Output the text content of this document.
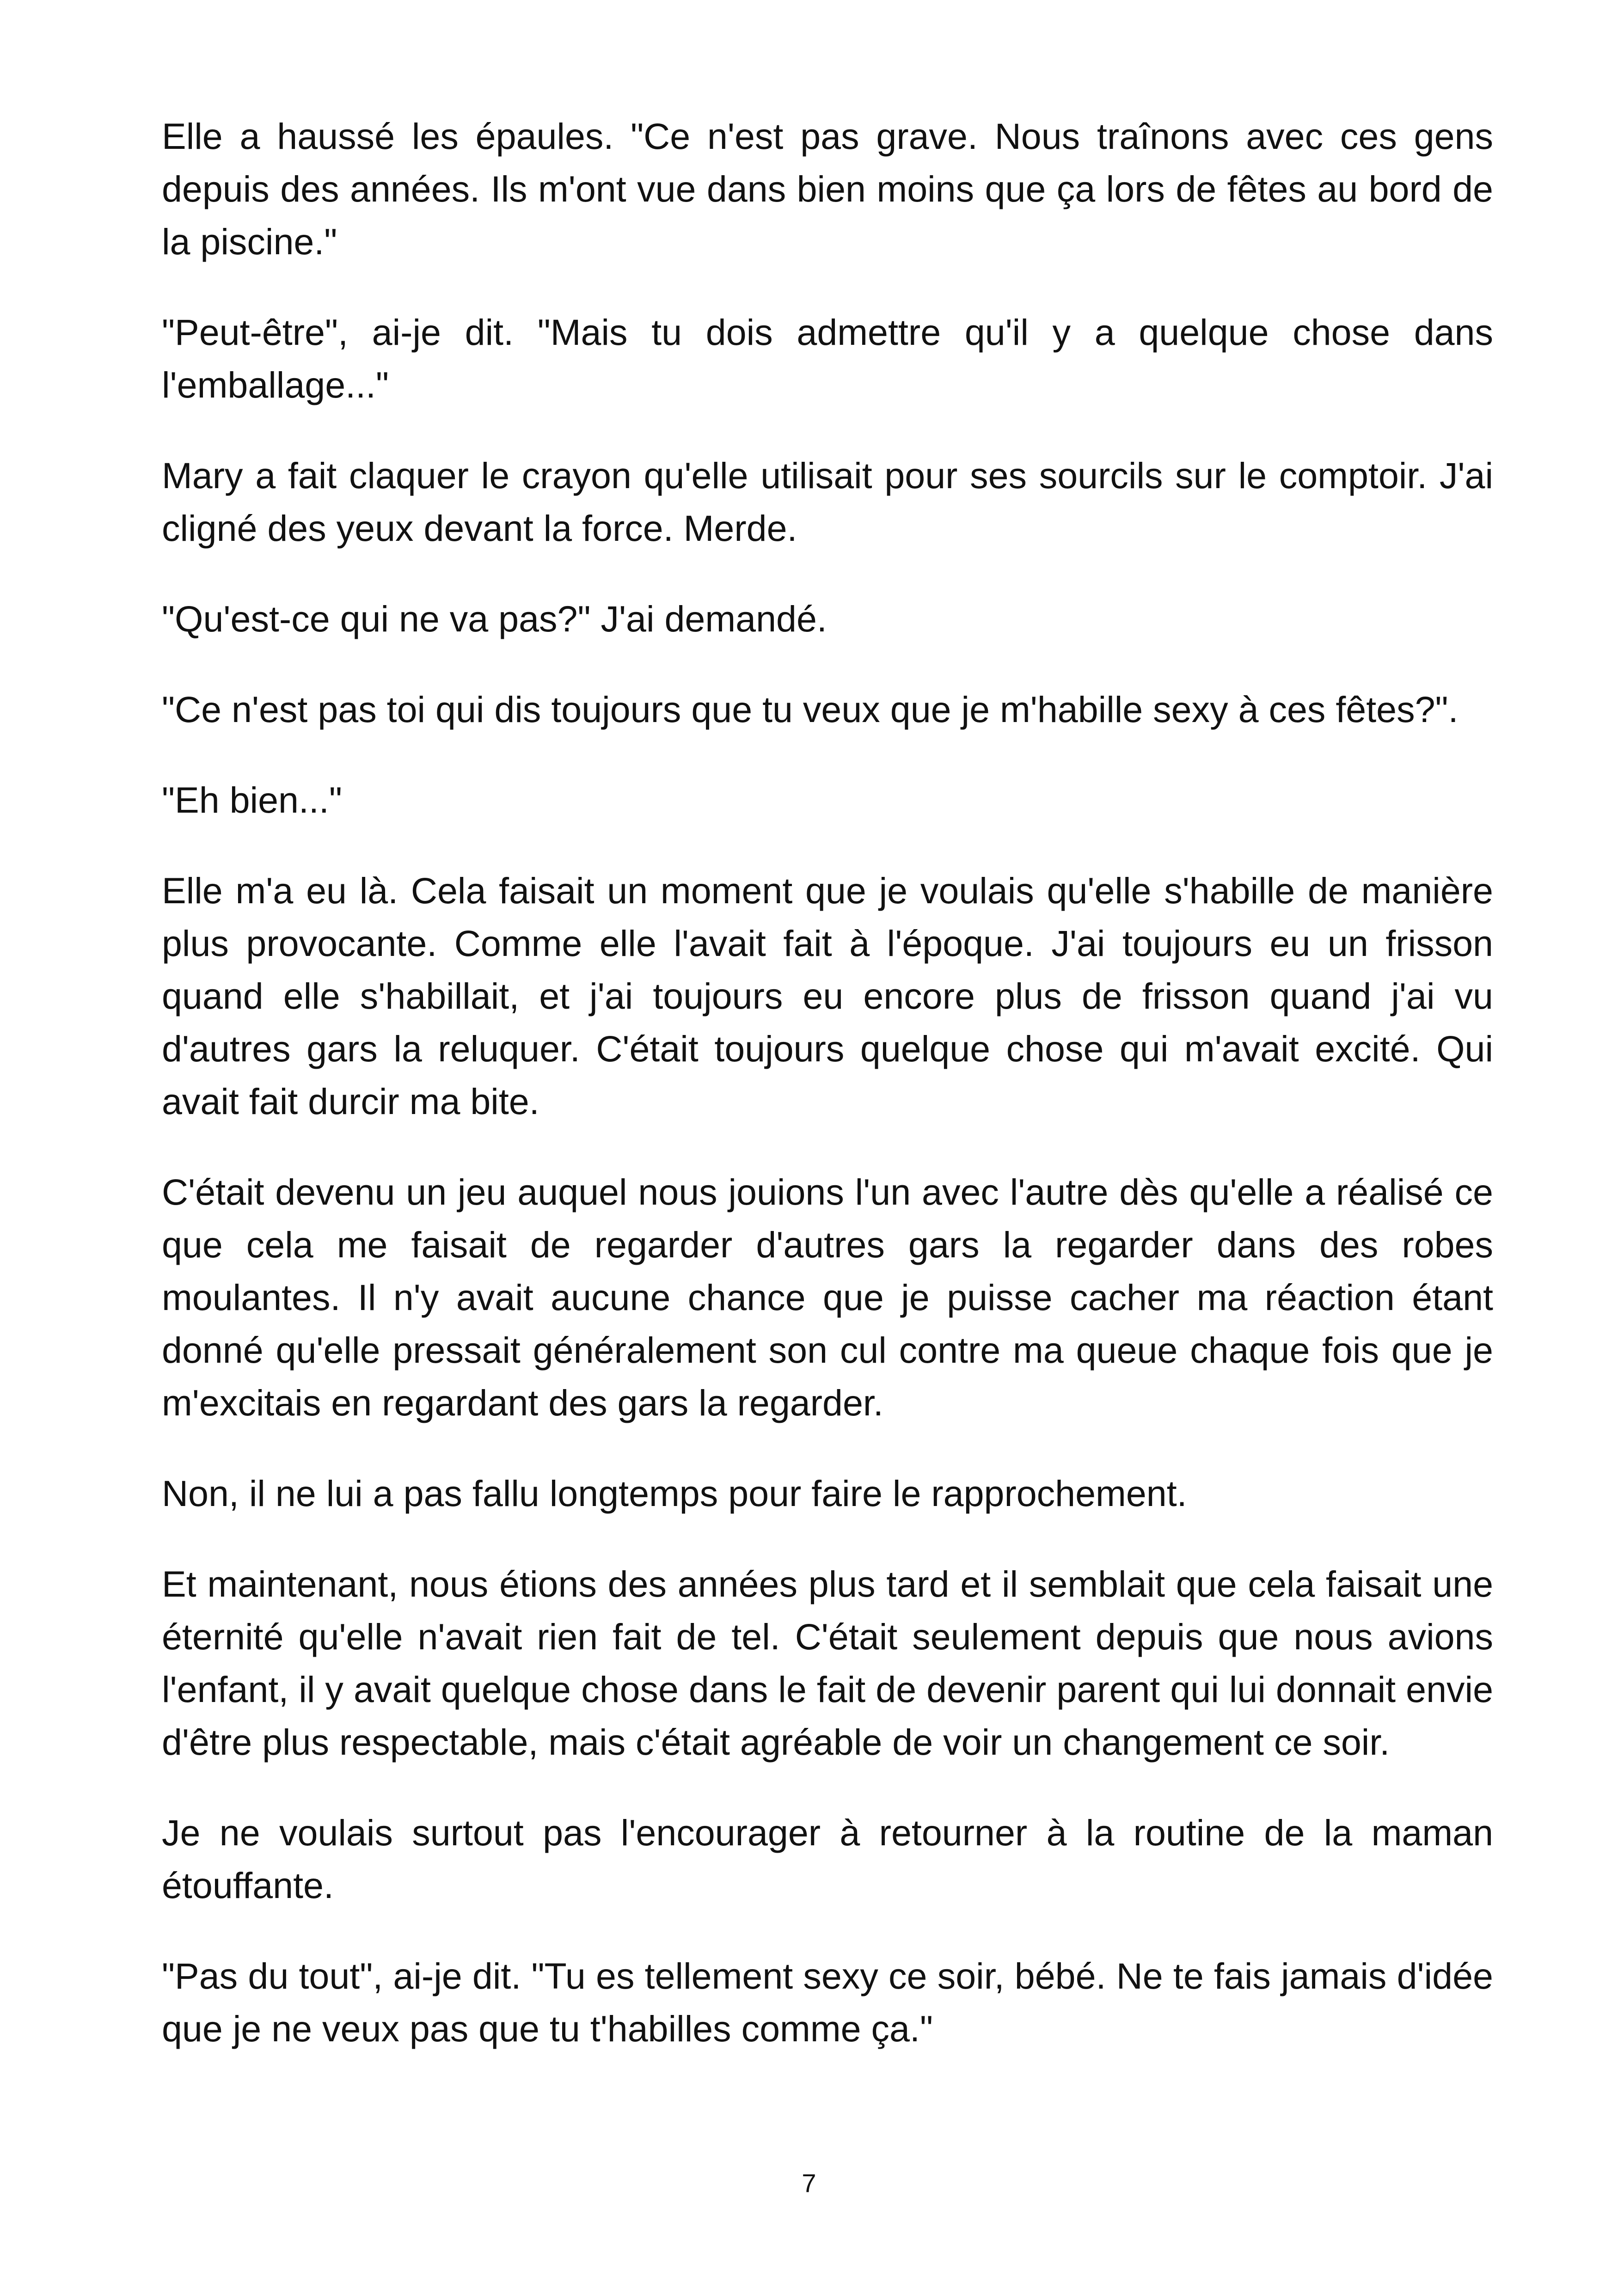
Elle a haussé les épaules. "Ce n'est pas grave. Nous traînons avec ces gens depuis des années. Ils m'ont vue dans bien moins que ça lors de fêtes au bord de la piscine."

"Peut-être", ai-je dit. "Mais tu dois admettre qu'il y a quelque chose dans l'emballage..."

Mary a fait claquer le crayon qu'elle utilisait pour ses sourcils sur le comptoir. J'ai cligné des yeux devant la force. Merde.

"Qu'est-ce qui ne va pas?" J'ai demandé.

"Ce n'est pas toi qui dis toujours que tu veux que je m'habille sexy à ces fêtes?".

"Eh bien..."

Elle m'a eu là. Cela faisait un moment que je voulais qu'elle s'habille de manière plus provocante. Comme elle l'avait fait à l'époque. J'ai toujours eu un frisson quand elle s'habillait, et j'ai toujours eu encore plus de frisson quand j'ai vu d'autres gars la reluquer. C'était toujours quelque chose qui m'avait excité. Qui avait fait durcir ma bite.

C'était devenu un jeu auquel nous jouions l'un avec l'autre dès qu'elle a réalisé ce que cela me faisait de regarder d'autres gars la regarder dans des robes moulantes. Il n'y avait aucune chance que je puisse cacher ma réaction étant donné qu'elle pressait généralement son cul contre ma queue chaque fois que je m'excitais en regardant des gars la regarder.

Non, il ne lui a pas fallu longtemps pour faire le rapprochement.

Et maintenant, nous étions des années plus tard et il semblait que cela faisait une éternité qu'elle n'avait rien fait de tel. C'était seulement depuis que nous avions l'enfant, il y avait quelque chose dans le fait de devenir parent qui lui donnait envie d'être plus respectable, mais c'était agréable de voir un changement ce soir.

Je ne voulais surtout pas l'encourager à retourner à la routine de la maman étouffante.

"Pas du tout", ai-je dit. "Tu es tellement sexy ce soir, bébé. Ne te fais jamais d'idée que je ne veux pas que tu t'habilles comme ça."

7
